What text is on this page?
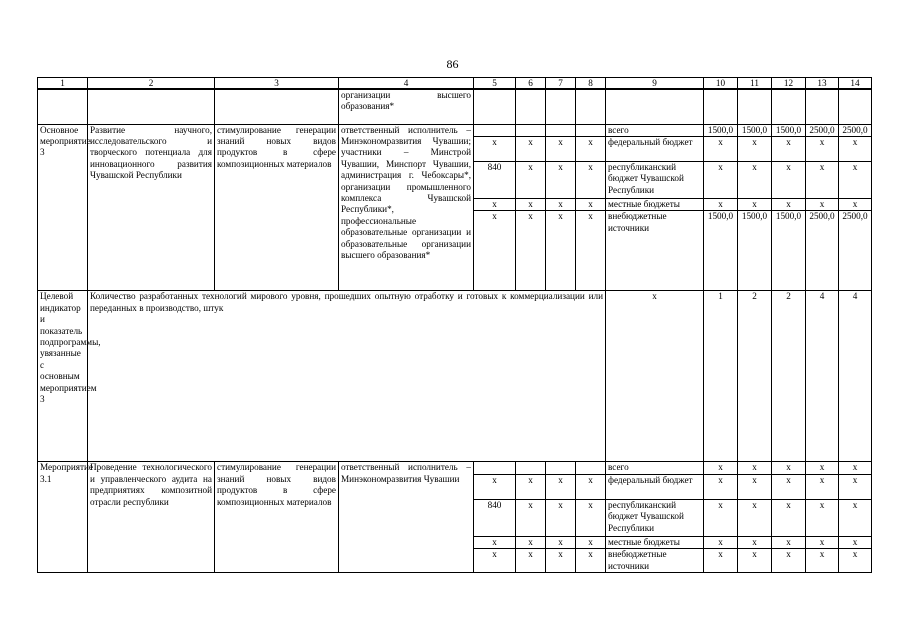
86
1	2	3	4	5	6	7	8	9	10	11	12	13	14
			организации высшего образования*										
Основное мероприятие 3	Развитие научного, исследовательского и творческого потенциала для инновационного развития Чувашской Республики	стимулирование генерации знаний новых видов продуктов в сфере композиционных материалов	ответственный исполнитель – Минэкономразвития Чувашии; участники – Минстрой Чувашии, Минспорт Чувашии, администрация г. Чебоксары*, организации промышленного комплекса Чувашской Республики*, профессиональные образовательные организации и образовательные организации высшего образования*					всего	1500,0	1500,0	1500,0	2500,0	2500,0
				x	x	x	x	федеральный бюджет	x	x	x	x	x
				840	x	x	x	республиканский бюджет Чувашской Республики	x	x	x	x	x
				x	x	x	x	местные бюджеты	x	x	x	x	x
				x	x	x	x	внебюджетные источники	1500,0	1500,0	1500,0	2500,0	2500,0
Целевой индикатор и показатель подпрограммы, увязанные с основным мероприятием 3	Количество разработанных технологий мирового уровня, прошедших опытную отработку и готовых к коммерциализации или переданных в производство, штук							x	1	2	2	4	4
Мероприятие 3.1	Проведение технологического и управленческого аудита на предприятиях композитной отрасли республики	стимулирование генерации знаний новых видов продуктов в сфере композиционных материалов	ответственный исполнитель – Минэкономразвития Чувашии					всего	x	x	x	x	x
				x	x	x	x	федеральный бюджет	x	x	x	x	x
				840	x	x	x	республиканский бюджет Чувашской Республики	x	x	x	x	x
				x	x	x	x	местные бюджеты	x	x	x	x	x
				x	x	x	x	внебюджетные источники	x	x	x	x	x
